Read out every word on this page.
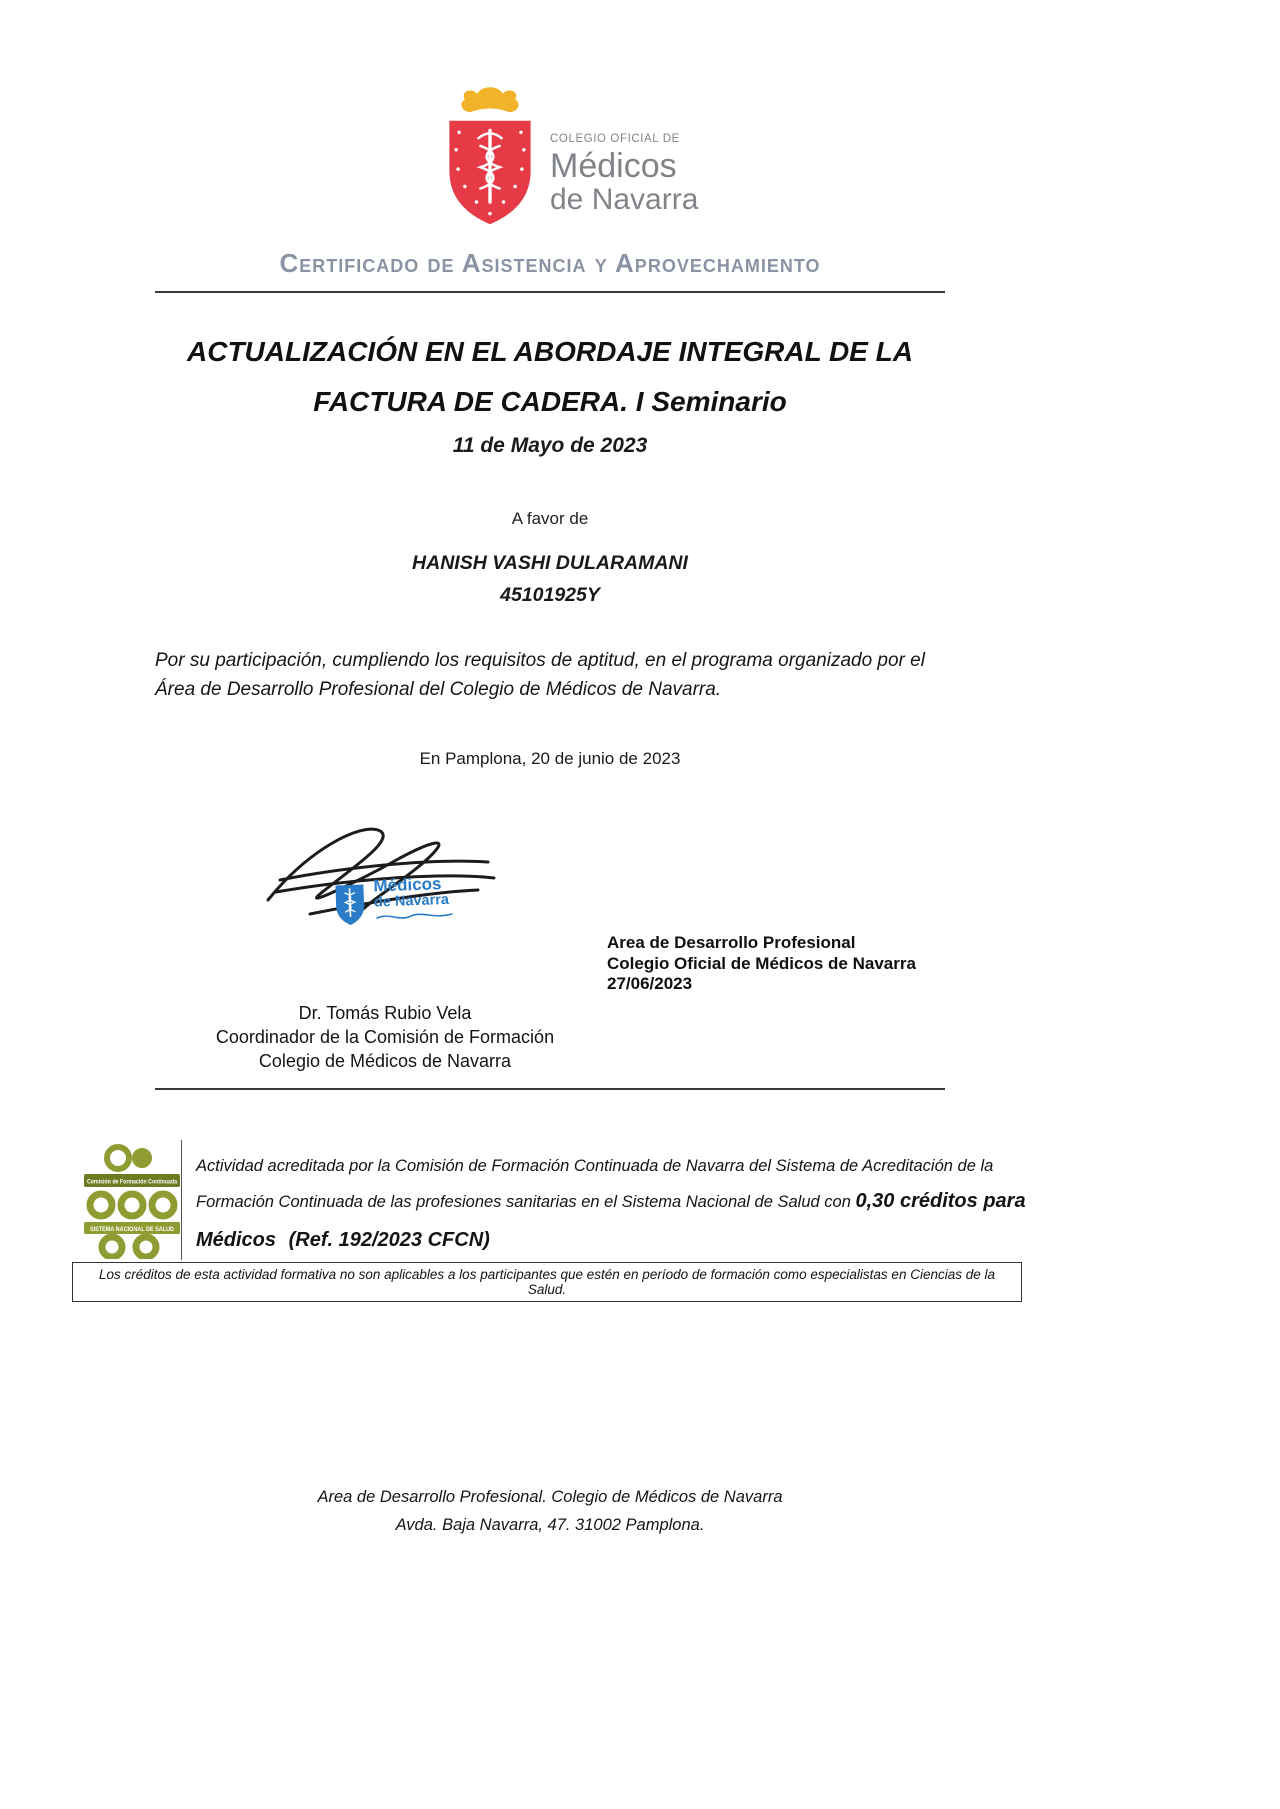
COLEGIO OFICIAL DE
Médicos
de Navarra
Certificado de Asistencia y Aprovechamiento
ACTUALIZACIÓN EN EL ABORDAJE INTEGRAL DE LA
FACTURA DE CADERA. I Seminario
11 de Mayo de 2023
A favor de
HANISH VASHI DULARAMANI
45101925Y
Por su participación, cumpliendo los requisitos de aptitud, en el programa organizado por el Área de Desarrollo Profesional del Colegio de Médicos de Navarra.
En Pamplona, 20 de junio de 2023
Médicos
de Navarra
Area de Desarrollo Profesional
Colegio Oficial de Médicos de Navarra
27/06/2023
Dr. Tomás Rubio Vela
Coordinador de la Comisión de Formación
Colegio de Médicos de Navarra
Comisión de Formación Continuada
SISTEMA NACIONAL DE SALUD
Actividad acreditada por la Comisión de Formación Continuada de Navarra del Sistema de Acreditación de la Formación Continuada de las profesiones sanitarias en el Sistema Nacional de Salud con 0,30 créditos para Médicos (Ref. 192/2023 CFCN)
Los créditos de esta actividad formativa no son aplicables a los participantes que estén en período de formación como especialistas en Ciencias de la Salud.
Area de Desarrollo Profesional. Colegio de Médicos de Navarra
Avda. Baja Navarra, 47. 31002 Pamplona.
